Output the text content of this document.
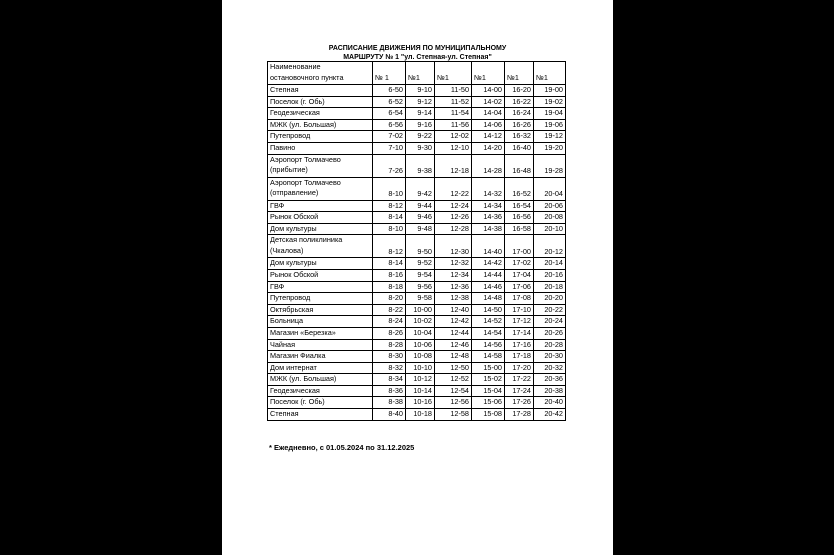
РАСПИСАНИЕ ДВИЖЕНИЯ ПО МУНИЦИПАЛЬНОМУ
МАРШРУТУ № 1 "ул. Степная-ул. Степная"
Наименование остановочного пункта	№ 1	№1	№1	№1	№1	№1
Степная	6-50	9-10	11-50	14-00	16-20	19-00
Поселок (г. Обь)	6-52	9-12	11-52	14-02	16-22	19-02
Геодезическая	6-54	9-14	11-54	14-04	16-24	19-04
МЖК (ул. Большая)	6-56	9-16	11-56	14-06	16-26	19-06
Путепровод	7-02	9-22	12-02	14-12	16-32	19-12
Павино	7-10	9-30	12-10	14-20	16-40	19-20
Аэропорт Толмачево (прибытие)	7-26	9-38	12-18	14-28	16-48	19-28
Аэропорт Толмачево (отправление)	8-10	9-42	12-22	14-32	16-52	20-04
ГВФ	8-12	9-44	12-24	14-34	16-54	20-06
Рынок Обской	8-14	9-46	12-26	14-36	16-56	20-08
Дом культуры	8-10	9-48	12-28	14-38	16-58	20-10
Детская поликлиника (Чкалова)	8-12	9-50	12-30	14-40	17-00	20-12
Дом культуры	8-14	9-52	12-32	14-42	17-02	20-14
Рынок Обской	8-16	9-54	12-34	14-44	17-04	20-16
ГВФ	8-18	9-56	12-36	14-46	17-06	20-18
Путепровод	8-20	9-58	12-38	14-48	17-08	20-20
Октябрьская	8-22	10-00	12-40	14-50	17-10	20-22
Больница	8-24	10-02	12-42	14-52	17-12	20-24
Магазин «Березка»	8-26	10-04	12-44	14-54	17-14	20-26
Чайная	8-28	10-06	12-46	14-56	17-16	20-28
Магазин Фиалка	8-30	10-08	12-48	14-58	17-18	20-30
Дом интернат	8-32	10-10	12-50	15-00	17-20	20-32
МЖК (ул. Большая)	8-34	10-12	12-52	15-02	17-22	20-36
Геодезическая	8-36	10-14	12-54	15-04	17-24	20-38
Поселок (г. Обь)	8-38	10-16	12-56	15-06	17-26	20-40
Степная	8-40	10-18	12-58	15-08	17-28	20-42
* Ежедневно, с 01.05.2024 по 31.12.2025
